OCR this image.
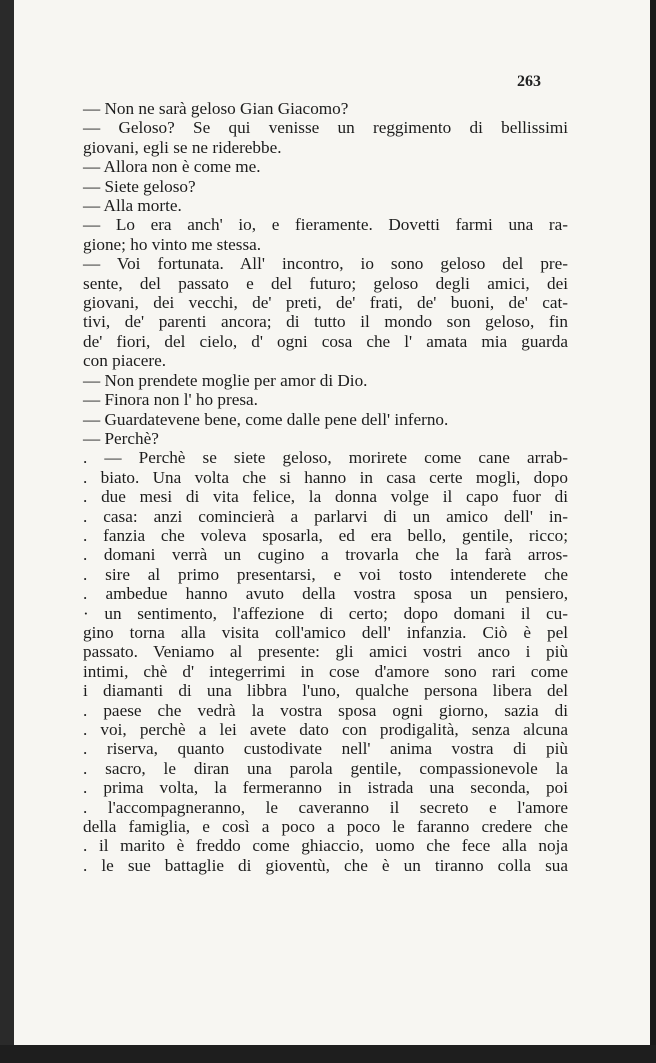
263
— Non ne sarà geloso Gian Giacomo?
— Geloso? Se qui venisse un reggimento di bellissimi
giovani, egli se ne riderebbe.
— Allora non è come me.
— Siete geloso?
— Alla morte.
— Lo era anch' io, e fieramente. Dovetti farmi una ra-
gione; ho vinto me stessa.
— Voi fortunata. All' incontro, io sono geloso del pre-
sente, del passato e del futuro; geloso degli amici, dei
giovani, dei vecchi, de' preti, de' frati, de' buoni, de' cat-
tivi, de' parenti ancora; di tutto il mondo son geloso, fin
de' fiori, del cielo, d' ogni cosa che l' amata mia guarda
con piacere.
— Non prendete moglie per amor di Dio.
— Finora non l' ho presa.
— Guardatevene bene, come dalle pene dell' inferno.
— Perchè?
. — Perchè se siete geloso, morirete come cane arrab-
. biato. Una volta che si hanno in casa certe mogli, dopo
. due mesi di vita felice, la donna volge il capo fuor di
. casa: anzi comincierà a parlarvi di un amico dell' in-
. fanzia che voleva sposarla, ed era bello, gentile, ricco;
. domani verrà un cugino a trovarla che la farà arros-
. sire al primo presentarsi, e voi tosto intenderete che
. ambedue hanno avuto della vostra sposa un pensiero,
· un sentimento, l'affezione di certo; dopo domani il cu-
gino torna alla visita coll'amico dell' infanzia. Ciò è pel
passato. Veniamo al presente: gli amici vostri anco i più
intimi, chè d' integerrimi in cose d'amore sono rari come
i diamanti di una libbra l'uno, qualche persona libera del
. paese che vedrà la vostra sposa ogni giorno, sazia di
. voi, perchè a lei avete dato con prodigalità, senza alcuna
. riserva, quanto custodivate nell' anima vostra di più
. sacro, le diran una parola gentile, compassionevole la
. prima volta, la fermeranno in istrada una seconda, poi
. l'accompagneranno, le caveranno il secreto e l'amore
della famiglia, e così a poco a poco le faranno credere che
. il marito è freddo come ghiaccio, uomo che fece alla noja
. le sue battaglie di gioventù, che è un tiranno colla sua
